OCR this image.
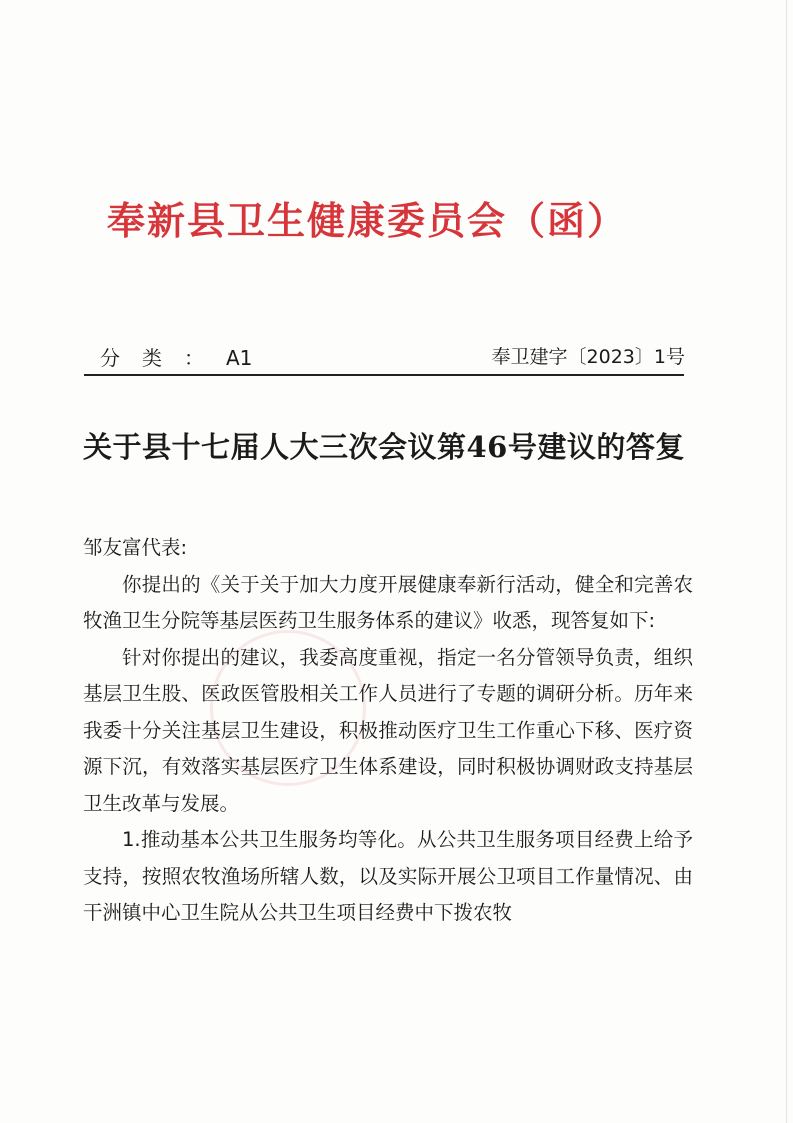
奉新县卫生健康委员会（函）
分类：A1	奉卫建字〔2023〕1号
关于县十七届人大三次会议第46号建议的答复

邹友富代表:

你提出的《关于关于加大力度开展健康奉新行活动，健全和完善农牧渔卫生分院等基层医药卫生服务体系的建议》收悉，现答复如下:

针对你提出的建议，我委高度重视，指定一名分管领导负责，组织基层卫生股、医政医管股相关工作人员进行了专题的调研分析。历年来我委十分关注基层卫生建设，积极推动医疗卫生工作重心下移、医疗资源下沉，有效落实基层医疗卫生体系建设，同时积极协调财政支持基层卫生改革与发展。

1.推动基本公共卫生服务均等化。从公共卫生服务项目经费上给予支持，按照农牧渔场所辖人数，以及实际开展公卫项目工作量情况、由干洲镇中心卫生院从公共卫生项目经费中下拨农牧
